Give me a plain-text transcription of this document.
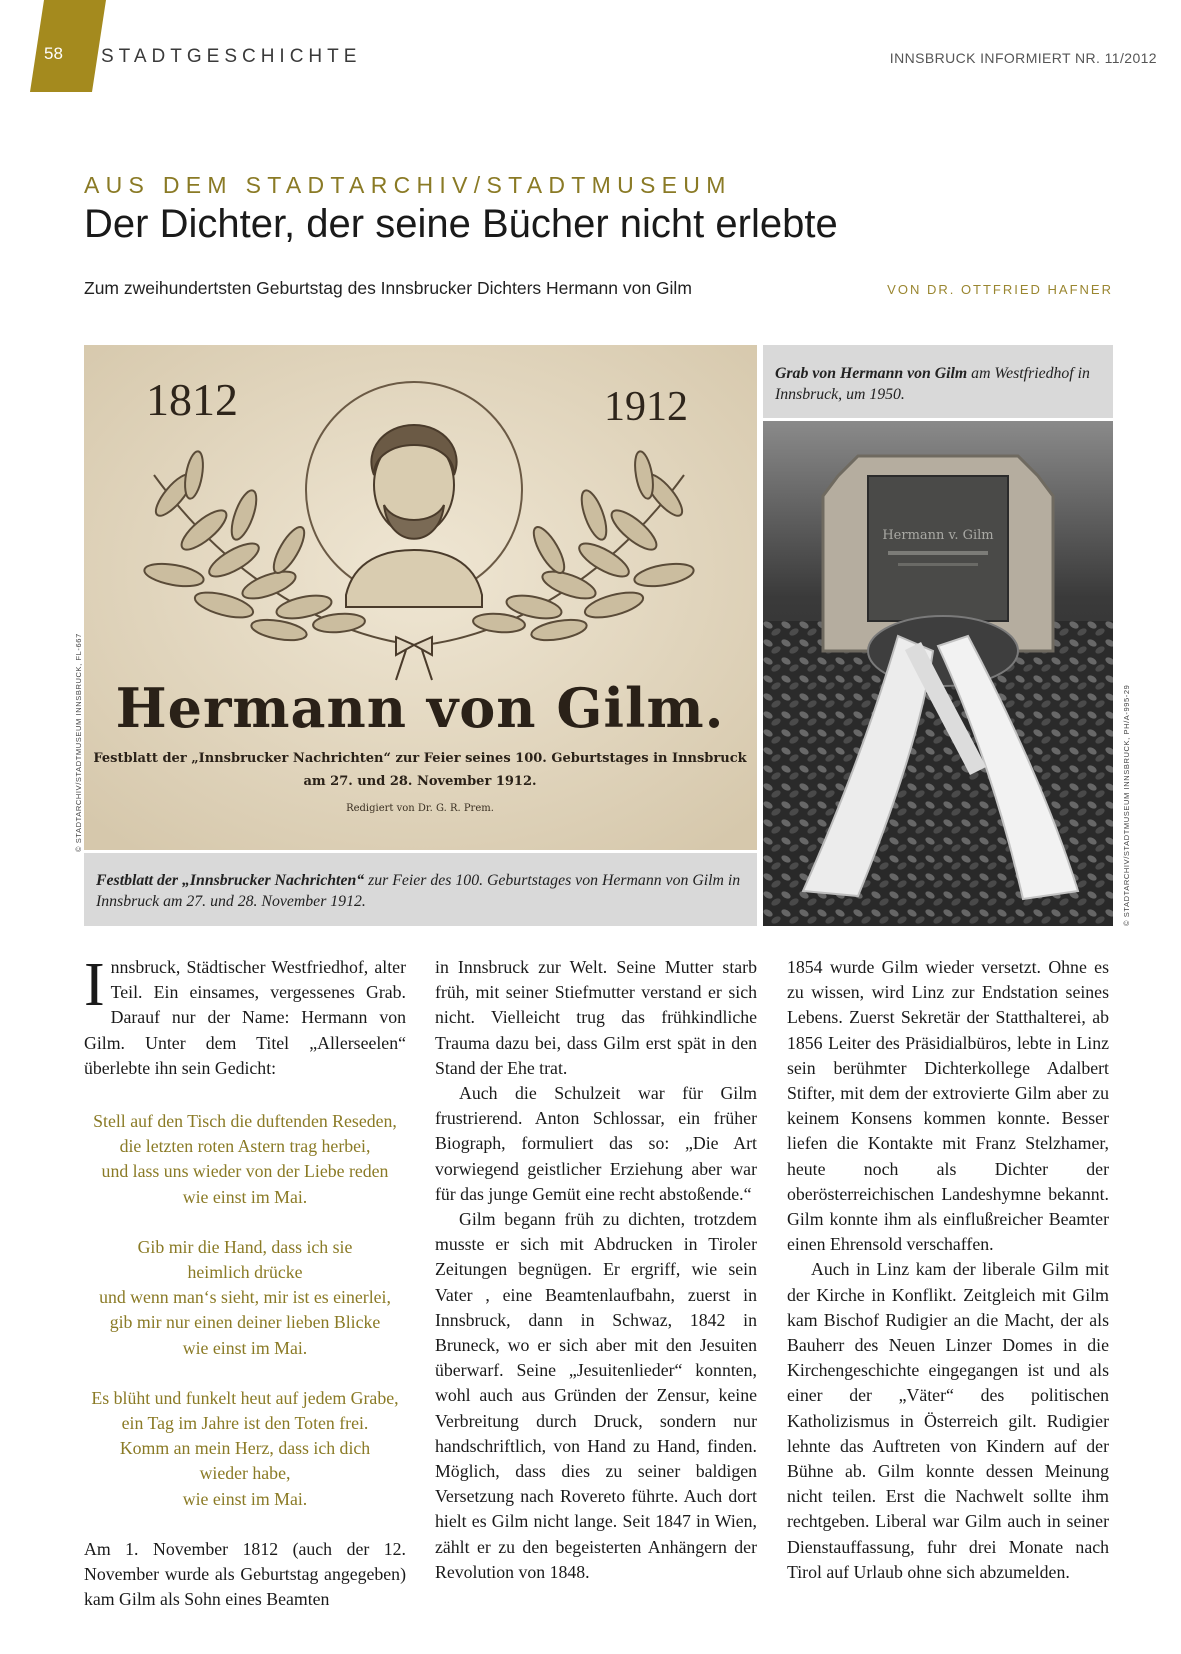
58 STADTGESCHICHTE	INNSBRUCK INFORMIERT NR. 11/2012
AUS DEM STADTARCHIV/STADTMUSEUM
Der Dichter, der seine Bücher nicht erlebte
Zum zweihundertsten Geburtstag des Innsbrucker Dichters Hermann von Gilm	VON DR. OTTFRIED HAFNER
1812	1912
Hermann von Gilm.
Festblatt der „Innsbrucker Nachrichten“ zur Feier seines 100. Geburtstages in Innsbruck
am 27. und 28. November 1912.
Redigiert von Dr. G. R. Prem.
Festblatt der „Innsbrucker Nachrichten“ zur Feier des 100. Geburtstages von Hermann von Gilm in Innsbruck am 27. und 28. November 1912.
© STADTARCHIV/STADTMUSEUM INNSBRUCK, FL-667
Grab von Hermann von Gilm am Westfriedhof in Innsbruck, um 1950.
Hermann v. Gilm
© STADTARCHIV/STADTMUSEUM INNSBRUCK, PH/A-995-29

Innsbruck, Städtischer Westfriedhof, alter Teil. Ein einsames, vergessenes Grab. Darauf nur der Name: Hermann von Gilm. Unter dem Titel „Allerseelen“ überlebte ihn sein Gedicht:

Stell auf den Tisch die duftenden Reseden,
die letzten roten Astern trag herbei,
und lass uns wieder von der Liebe reden
wie einst im Mai.
Gib mir die Hand, dass ich sie
heimlich drücke
und wenn man‘s sieht, mir ist es einerlei,
gib mir nur einen deiner lieben Blicke
wie einst im Mai.
Es blüht und funkelt heut auf jedem Grabe,
ein Tag im Jahre ist den Toten frei.
Komm an mein Herz, dass ich dich
wieder habe,
wie einst im Mai.

Am 1. November 1812 (auch der 12. November wurde als Geburtstag angegeben) kam Gilm als Sohn eines Beamten

in Innsbruck zur Welt. Seine Mutter starb früh, mit seiner Stiefmutter verstand er sich nicht. Vielleicht trug das frühkindliche Trauma dazu bei, dass Gilm erst spät in den Stand der Ehe trat.

Auch die Schulzeit war für Gilm frustrierend. Anton Schlossar, ein früher Biograph, formuliert das so: „Die Art vorwiegend geistlicher Erziehung aber war für das junge Gemüt eine recht abstoßende.“

Gilm begann früh zu dichten, trotzdem musste er sich mit Abdrucken in Tiroler Zeitungen begnügen. Er ergriff, wie sein Vater , eine Beamtenlaufbahn, zuerst in Innsbruck, dann in Schwaz, 1842 in Bruneck, wo er sich aber mit den Jesuiten überwarf. Seine „Jesuitenlieder“ konnten, wohl auch aus Gründen der Zensur, keine Verbreitung durch Druck, sondern nur handschriftlich, von Hand zu Hand, finden. Möglich, dass dies zu seiner baldigen Versetzung nach Rovereto führte. Auch dort hielt es Gilm nicht lange. Seit 1847 in Wien, zählt er zu den begeisterten Anhängern der Revolution von 1848.

1854 wurde Gilm wieder versetzt. Ohne es zu wissen, wird Linz zur Endstation seines Lebens. Zuerst Sekretär der Statthalterei, ab 1856 Leiter des Präsidialbüros, lebte in Linz sein berühmter Dichterkollege Adalbert Stifter, mit dem der extrovierte Gilm aber zu keinem Konsens kommen konnte. Besser liefen die Kontakte mit Franz Stelzhamer, heute noch als Dichter der oberösterreichischen Landeshymne bekannt. Gilm konnte ihm als einflußreicher Beamter einen Ehrensold verschaffen.

Auch in Linz kam der liberale Gilm mit der Kirche in Konflikt. Zeitgleich mit Gilm kam Bischof Rudigier an die Macht, der als Bauherr des Neuen Linzer Domes in die Kirchengeschichte eingegangen ist und als einer der „Väter“ des politischen Katholizismus in Österreich gilt. Rudigier lehnte das Auftreten von Kindern auf der Bühne ab. Gilm konnte dessen Meinung nicht teilen. Erst die Nachwelt sollte ihm rechtgeben. Liberal war Gilm auch in seiner Dienstauffassung, fuhr drei Monate nach Tirol auf Urlaub ohne sich abzumelden.
